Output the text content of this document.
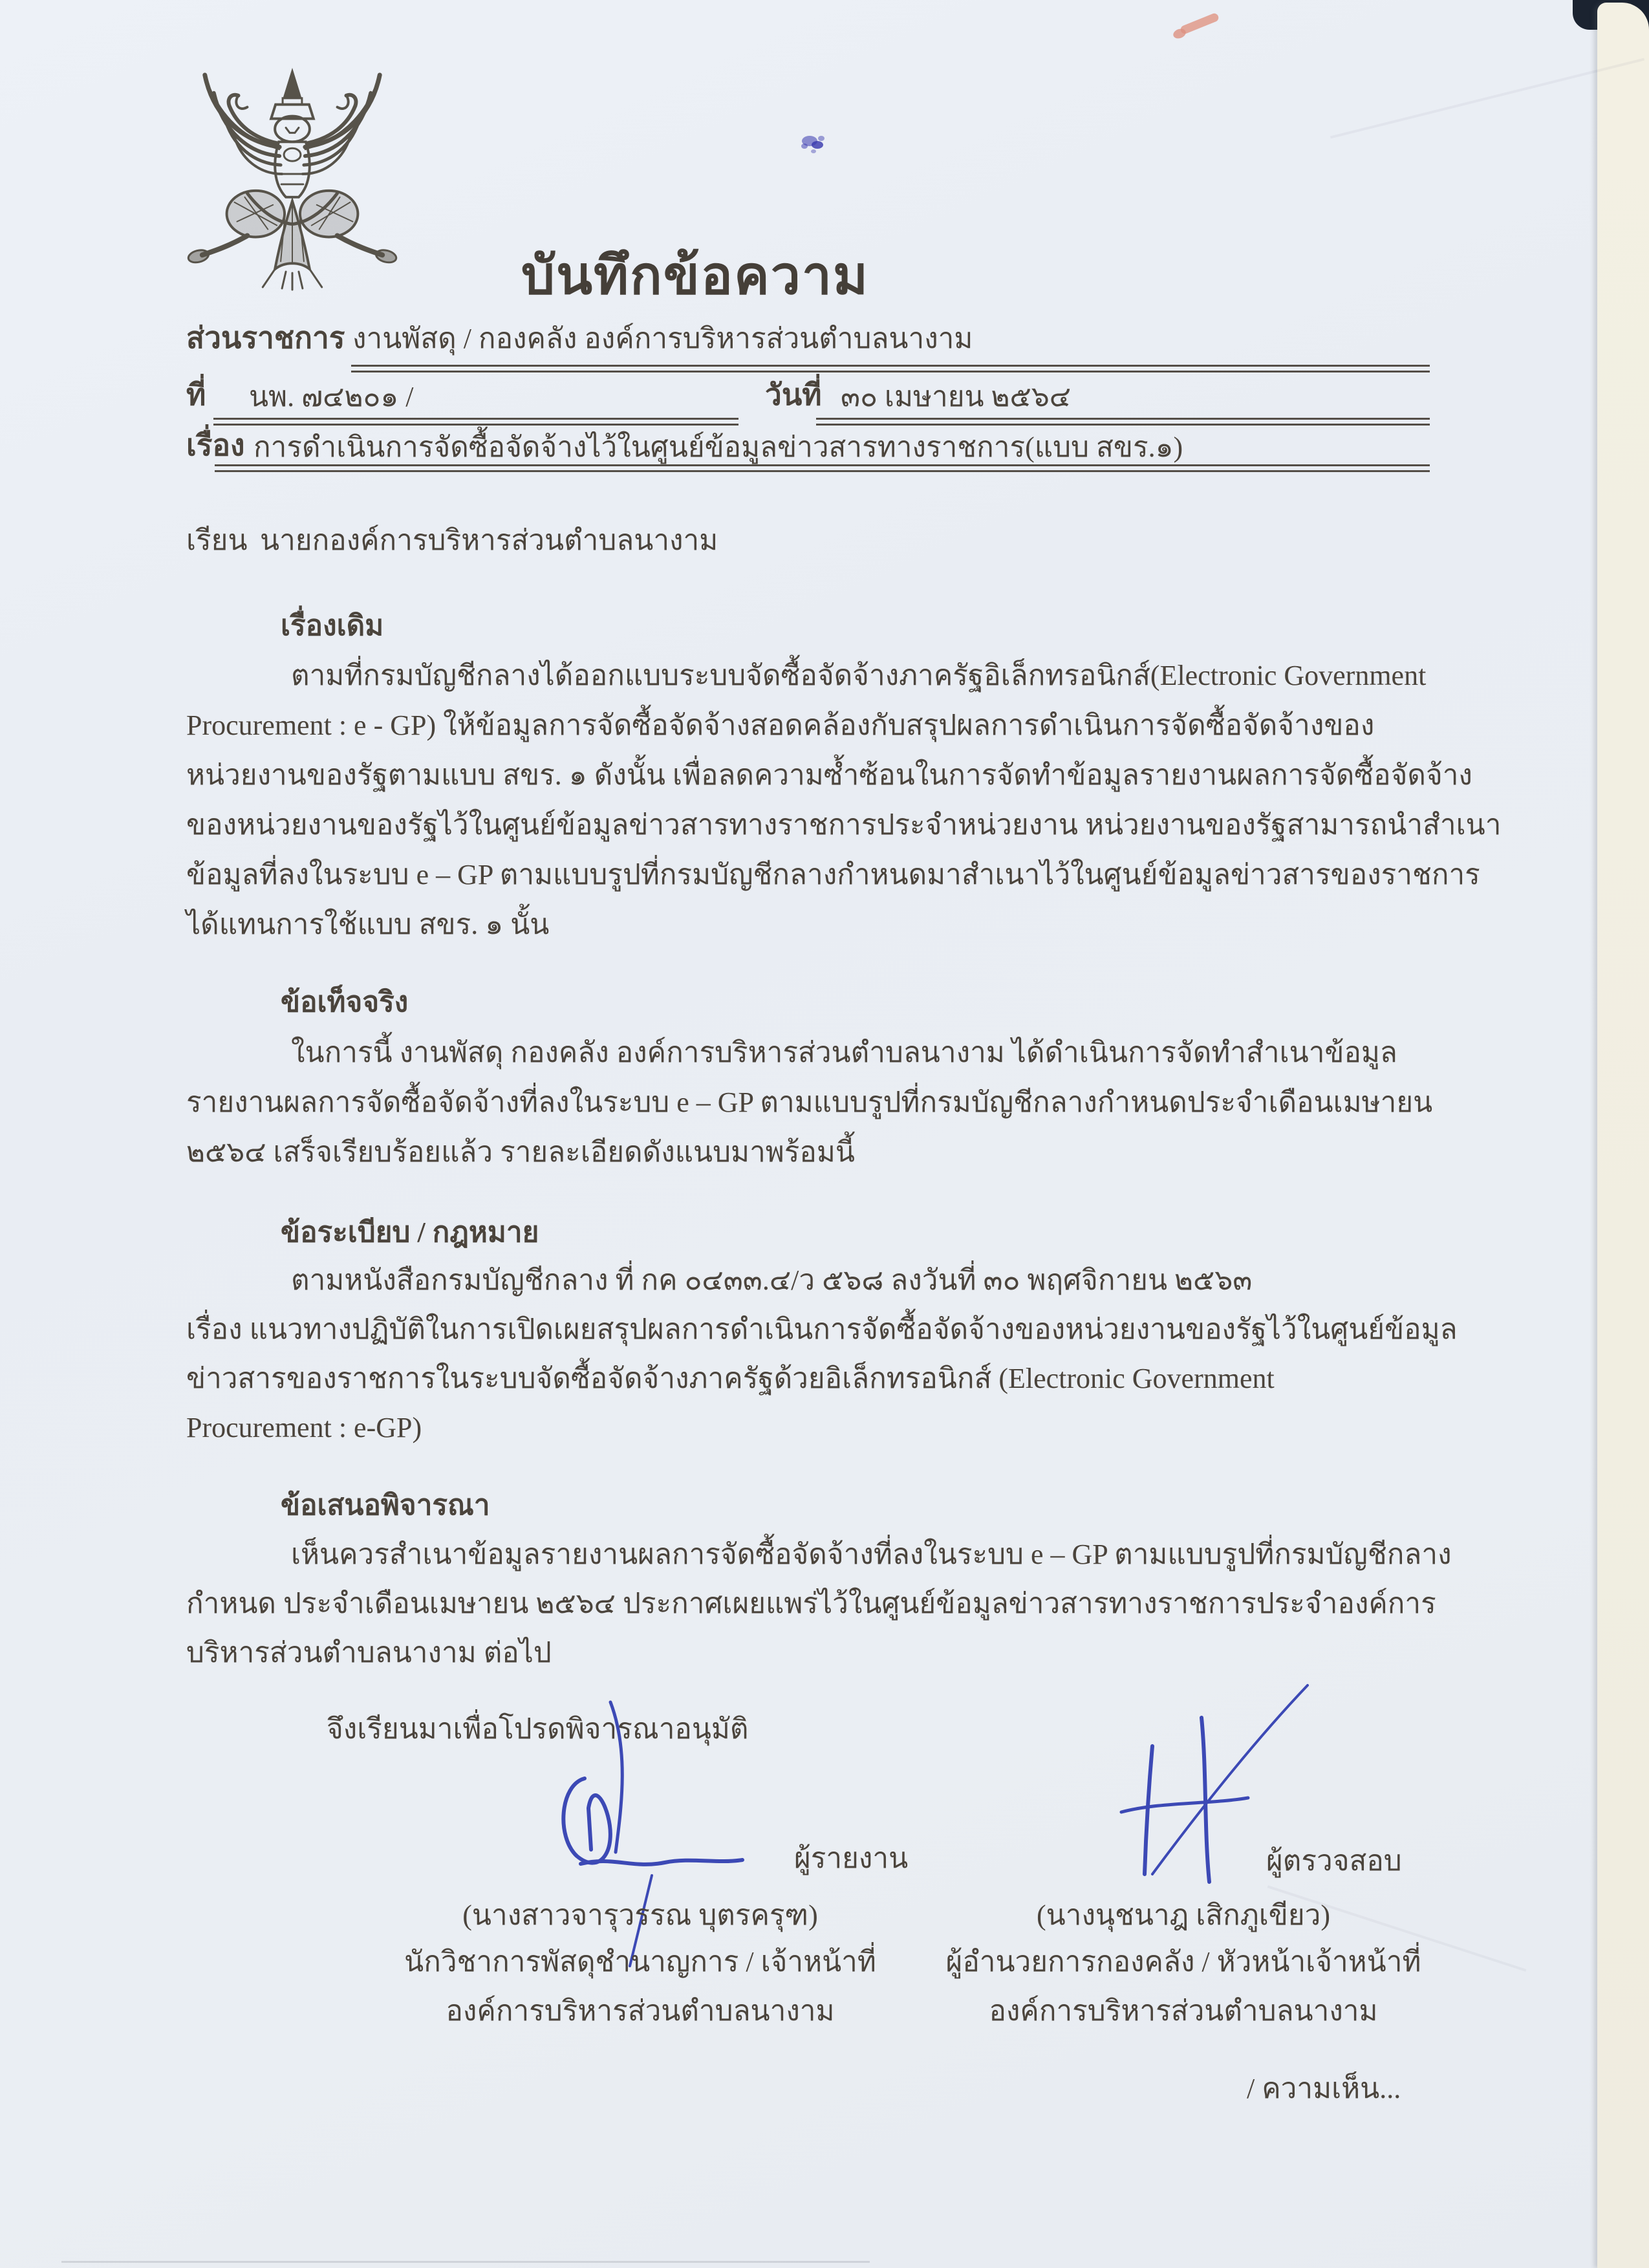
บันทึกข้อความ
ส่วนราชการ งานพัสดุ / กองคลัง องค์การบริหารส่วนตำบลนางาม
ที่ นพ. ๗๔๒๐๑ /	วันที่ ๓๐ เมษายน ๒๕๖๔
เรื่อง การดำเนินการจัดซื้อจัดจ้างไว้ในศูนย์ข้อมูลข่าวสารทางราชการ(แบบ สขร.๑)
เรียน นายกองค์การบริหารส่วนตำบลนางาม
เรื่องเดิม
ตามที่กรมบัญชีกลางได้ออกแบบระบบจัดซื้อจัดจ้างภาครัฐอิเล็กทรอนิกส์(Electronic Government
Procurement : e - GP) ให้ข้อมูลการจัดซื้อจัดจ้างสอดคล้องกับสรุปผลการดำเนินการจัดซื้อจัดจ้างของ
หน่วยงานของรัฐตามแบบ สขร. ๑ ดังนั้น เพื่อลดความซ้ำซ้อนในการจัดทำข้อมูลรายงานผลการจัดซื้อจัดจ้าง
ของหน่วยงานของรัฐไว้ในศูนย์ข้อมูลข่าวสารทางราชการประจำหน่วยงาน หน่วยงานของรัฐสามารถนำสำเนา
ข้อมูลที่ลงในระบบ e – GP ตามแบบรูปที่กรมบัญชีกลางกำหนดมาสำเนาไว้ในศูนย์ข้อมูลข่าวสารของราชการ
ได้แทนการใช้แบบ สขร. ๑ นั้น
ข้อเท็จจริง
ในการนี้ งานพัสดุ กองคลัง องค์การบริหารส่วนตำบลนางาม ได้ดำเนินการจัดทำสำเนาข้อมูล
รายงานผลการจัดซื้อจัดจ้างที่ลงในระบบ e – GP ตามแบบรูปที่กรมบัญชีกลางกำหนดประจำเดือนเมษายน
๒๕๖๔ เสร็จเรียบร้อยแล้ว รายละเอียดดังแนบมาพร้อมนี้
ข้อระเบียบ / กฎหมาย
ตามหนังสือกรมบัญชีกลาง ที่ กค ๐๔๓๓.๔/ว ๕๖๘ ลงวันที่ ๓๐ พฤศจิกายน ๒๕๖๓
เรื่อง แนวทางปฏิบัติในการเปิดเผยสรุปผลการดำเนินการจัดซื้อจัดจ้างของหน่วยงานของรัฐไว้ในศูนย์ข้อมูล
ข่าวสารของราชการในระบบจัดซื้อจัดจ้างภาครัฐด้วยอิเล็กทรอนิกส์ (Electronic Government
Procurement : e-GP)
ข้อเสนอพิจารณา
เห็นควรสำเนาข้อมูลรายงานผลการจัดซื้อจัดจ้างที่ลงในระบบ e – GP ตามแบบรูปที่กรมบัญชีกลาง
กำหนด ประจำเดือนเมษายน ๒๕๖๔ ประกาศเผยแพร่ไว้ในศูนย์ข้อมูลข่าวสารทางราชการประจำองค์การ
บริหารส่วนตำบลนางาม ต่อไป
จึงเรียนมาเพื่อโปรดพิจารณาอนุมัติ
ผู้รายงาน	ผู้ตรวจสอบ
(นางสาวจารุวรรณ บุตรครุฑ)	(นางนุชนาฎ เสิกภูเขียว)
นักวิชาการพัสดุชำนาญการ / เจ้าหน้าที่	ผู้อำนวยการกองคลัง / หัวหน้าเจ้าหน้าที่
องค์การบริหารส่วนตำบลนางาม	องค์การบริหารส่วนตำบลนางาม
/ ความเห็น...
